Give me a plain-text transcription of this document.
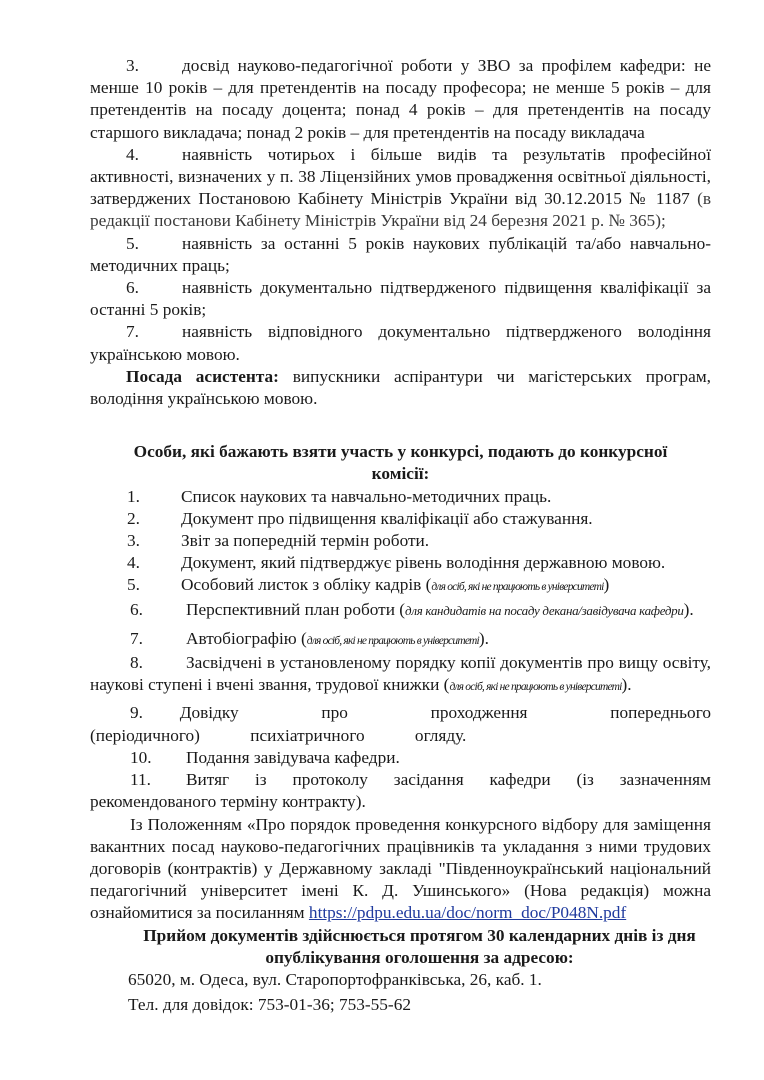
3. досвід науково-педагогічної роботи у ЗВО за профілем кафедри: не менше 10 років – для претендентів на посаду професора; не менше 5 років – для претендентів на посаду доцента; понад 4 років – для претендентів на посаду старшого викладача; понад 2 років – для претендентів на посаду викладача

4. наявність чотирьох і більше видів та результатів професійної активності, визначених у п. 38 Ліцензійних умов провадження освітньої діяльності, затверджених Постановою Кабінету Міністрів України від 30.12.2015 № 1187 (в редакції постанови Кабінету Міністрів України від 24 березня 2021 р. № 365);

5. наявність за останні 5 років наукових публікацій та/або навчально-методичних праць;

6. наявність документально підтвердженого підвищення кваліфікації за останні 5 років;

7. наявність відповідного документально підтвердженого володіння українською мовою.

Посада асистента: випускники аспірантури чи магістерських програм, володіння українською мовою.

Особи, які бажають взяти участь у конкурсі, подають до конкурсної комісії:

1. Список наукових та навчально-методичних праць.

2. Документ про підвищення кваліфікації або стажування.

3. Звіт за попередній термін роботи.

4. Документ, який підтверджує рівень володіння державною мовою.

5. Особовий листок з обліку кадрів (для осіб, які не працюють в університеті)

6. Перспективний план роботи (для кандидатів на посаду декана/завідувача кафедри).

7. Автобіографію (для осіб, які не працюють в університеті).

8. Засвідчені в установленому порядку копії документів про вищу освіту, наукові ступені і вчені звання, трудової книжки (для осіб, які не працюють в університеті).

9. Довідку про проходження попереднього (періодичного) психіатричного огляду.

10. Подання завідувача кафедри.

11. Витяг із протоколу засідання кафедри (із зазначенням рекомендованого терміну контракту).

Із Положенням «Про порядок проведення конкурсного відбору для заміщення вакантних посад науково-педагогічних працівників та укладання з ними трудових договорів (контрактів) у Державному закладі "Південноукраїнський національний педагогічний університет імені К. Д. Ушинського» (Нова редакція) можна ознайомитися за посиланням https://pdpu.edu.ua/doc/norm_doc/P048N.pdf

Прийом документів здійснюється протягом 30 календарних днів із дня опублікування оголошення за адресою:

65020, м. Одеса, вул. Старопортофранківська, 26, каб. 1.

Тел. для довідок: 753-01-36; 753-55-62
